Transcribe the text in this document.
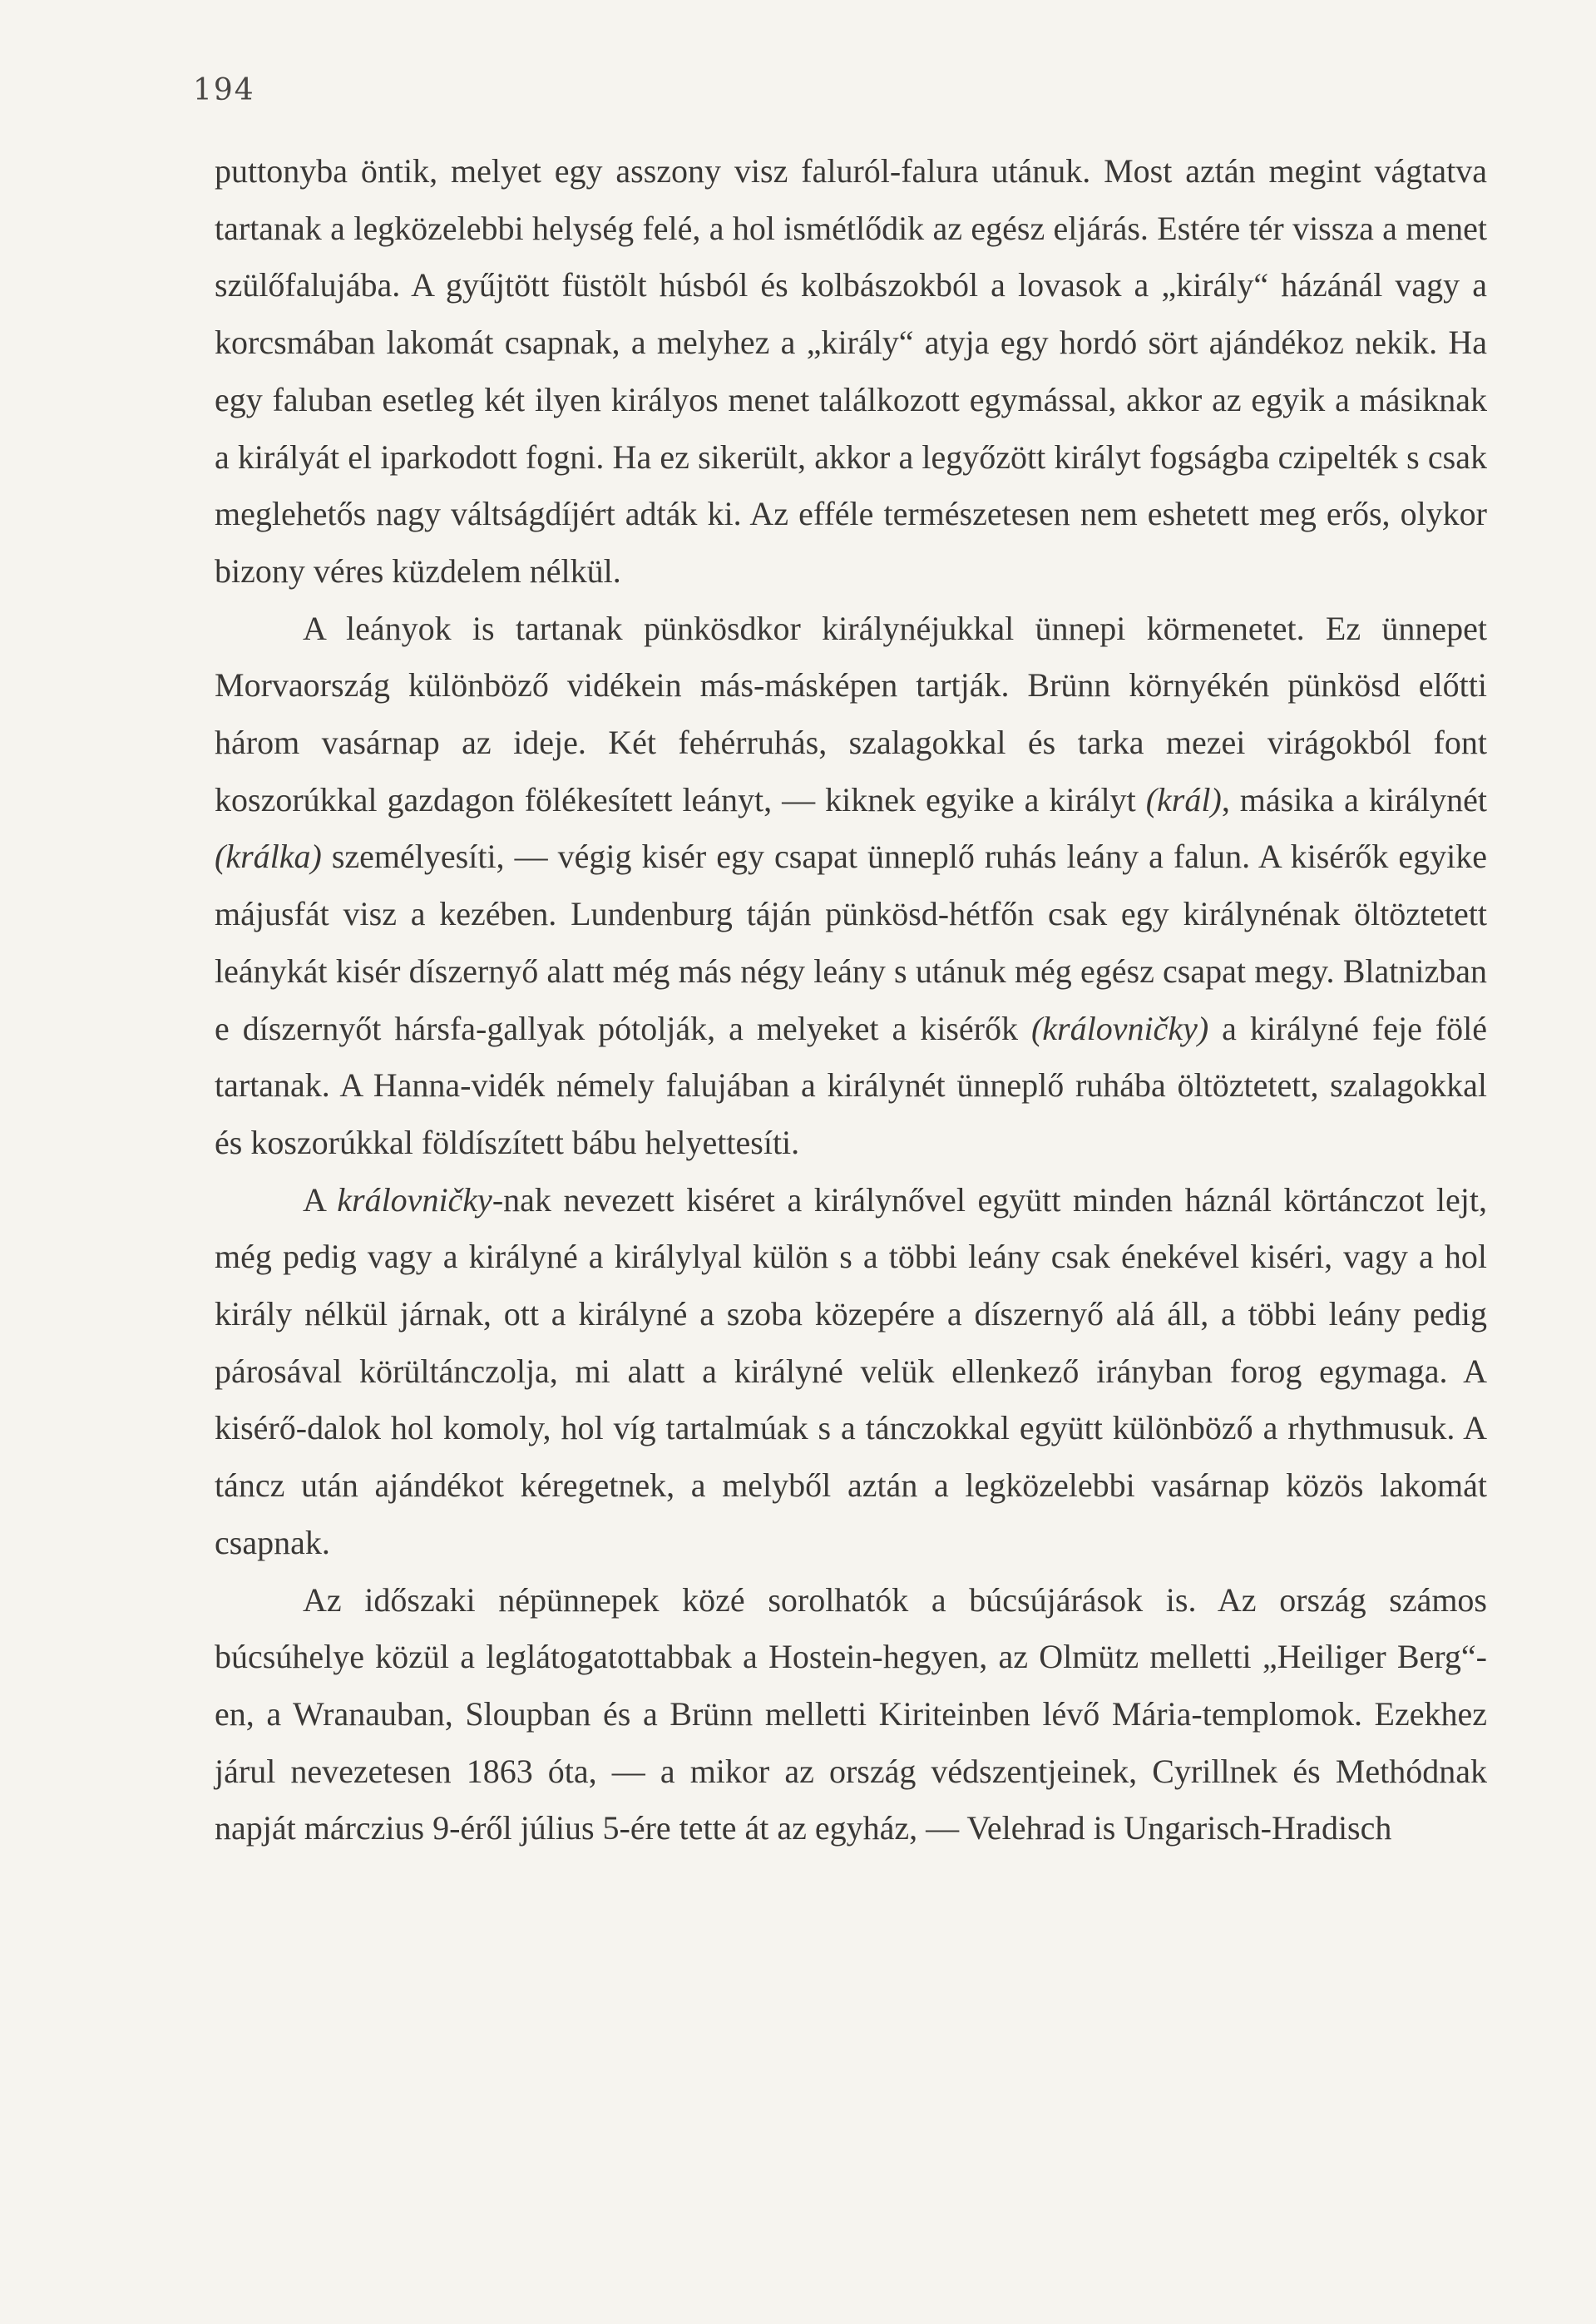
194

puttonyba öntik, melyet egy asszony visz faluról-falura utánuk. Most aztán megint vágtatva tartanak a legközelebbi helység felé, a hol ismétlődik az egész eljárás. Estére tér vissza a menet szülőfalujába. A gyűjtött füstölt húsból és kolbászokból a lovasok a „király“ házánál vagy a korcsmában lakomát csapnak, a melyhez a „király“ atyja egy hordó sört ajándékoz nekik. Ha egy faluban esetleg két ilyen királyos menet találkozott egymással, akkor az egyik a másiknak a királyát el iparkodott fogni. Ha ez sikerült, akkor a legyőzött királyt fogságba czipelték s csak meglehetős nagy váltságdíjért adták ki. Az efféle természetesen nem eshetett meg erős, olykor bizony véres küzdelem nélkül.

A leányok is tartanak pünkösdkor királynéjukkal ünnepi körmenetet. Ez ünnepet Morvaország különböző vidékein más-másképen tartják. Brünn környékén pünkösd előtti három vasárnap az ideje. Két fehérruhás, szalagokkal és tarka mezei virágokból font koszorúkkal gazdagon fölékesített leányt, — kiknek egyike a királyt (král), másika a királynét (králka) személyesíti, — végig kisér egy csapat ünneplő ruhás leány a falun. A kisérők egyike májusfát visz a kezében. Lundenburg táján pünkösd-hétfőn csak egy királynénak öltöztetett leánykát kisér díszernyő alatt még más négy leány s utánuk még egész csapat megy. Blatnizban e díszernyőt hársfa-gallyak pótolják, a melyeket a kisérők (královničky) a királyné feje fölé tartanak. A Hanna-vidék némely falujában a királynét ünneplő ruhába öltöztetett, szalagokkal és koszorúkkal földíszített bábu helyettesíti.

A královničky-nak nevezett kiséret a királynővel együtt minden háznál körtánczot lejt, még pedig vagy a királyné a királylyal külön s a többi leány csak énekével kiséri, vagy a hol király nélkül járnak, ott a királyné a szoba közepére a díszernyő alá áll, a többi leány pedig párosával körültánczolja, mi alatt a királyné velük ellenkező irányban forog egymaga. A kisérő-dalok hol komoly, hol víg tartalmúak s a tánczokkal együtt különböző a rhythmusuk. A táncz után ajándékot kéregetnek, a melyből aztán a legközelebbi vasárnap közös lakomát csapnak.

Az időszaki népünnepek közé sorolhatók a búcsújárások is. Az ország számos búcsúhelye közül a leglátogatottabbak a Hostein-hegyen, az Olmütz melletti „Heiliger Berg“-en, a Wranauban, Sloupban és a Brünn melletti Kiriteinben lévő Mária-templomok. Ezekhez járul nevezetesen 1863 óta, — a mikor az ország védszentjeinek, Cyrillnek és Methódnak napját márczius 9-éről július 5-ére tette át az egyház, — Velehrad is Ungarisch-Hradisch
